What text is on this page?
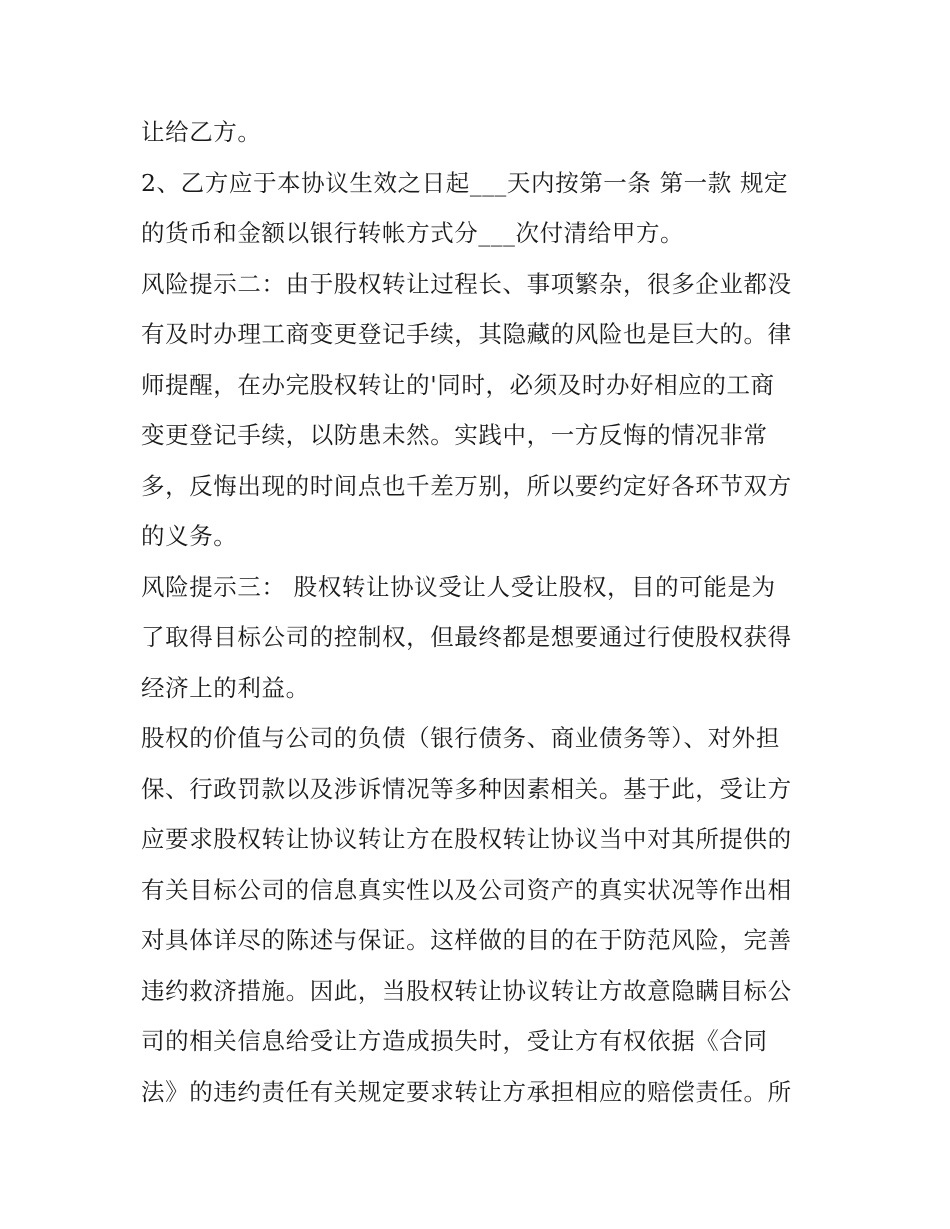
让给乙方。
2、乙方应于本协议生效之日起___天内按第一条 第一款 规定
的货币和金额以银行转帐方式分___次付清给甲方。
风险提示二：由于股权转让过程长、事项繁杂，很多企业都没
有及时办理工商变更登记手续，其隐藏的风险也是巨大的。律
师提醒，在办完股权转让的'同时，必须及时办好相应的工商
变更登记手续，以防患未然。实践中，一方反悔的情况非常
多，反悔出现的时间点也千差万别，所以要约定好各环节双方
的义务。
风险提示三： 股权转让协议受让人受让股权，目的可能是为
了取得目标公司的控制权，但最终都是想要通过行使股权获得
经济上的利益。
股权的价值与公司的负债（银行债务、商业债务等）、对外担
保、行政罚款以及涉诉情况等多种因素相关。基于此，受让方
应要求股权转让协议转让方在股权转让协议当中对其所提供的
有关目标公司的信息真实性以及公司资产的真实状况等作出相
对具体详尽的陈述与保证。这样做的目的在于防范风险，完善
违约救济措施。因此，当股权转让协议转让方故意隐瞒目标公
司的相关信息给受让方造成损失时，受让方有权依据《合同
法》的违约责任有关规定要求转让方承担相应的赔偿责任。所
